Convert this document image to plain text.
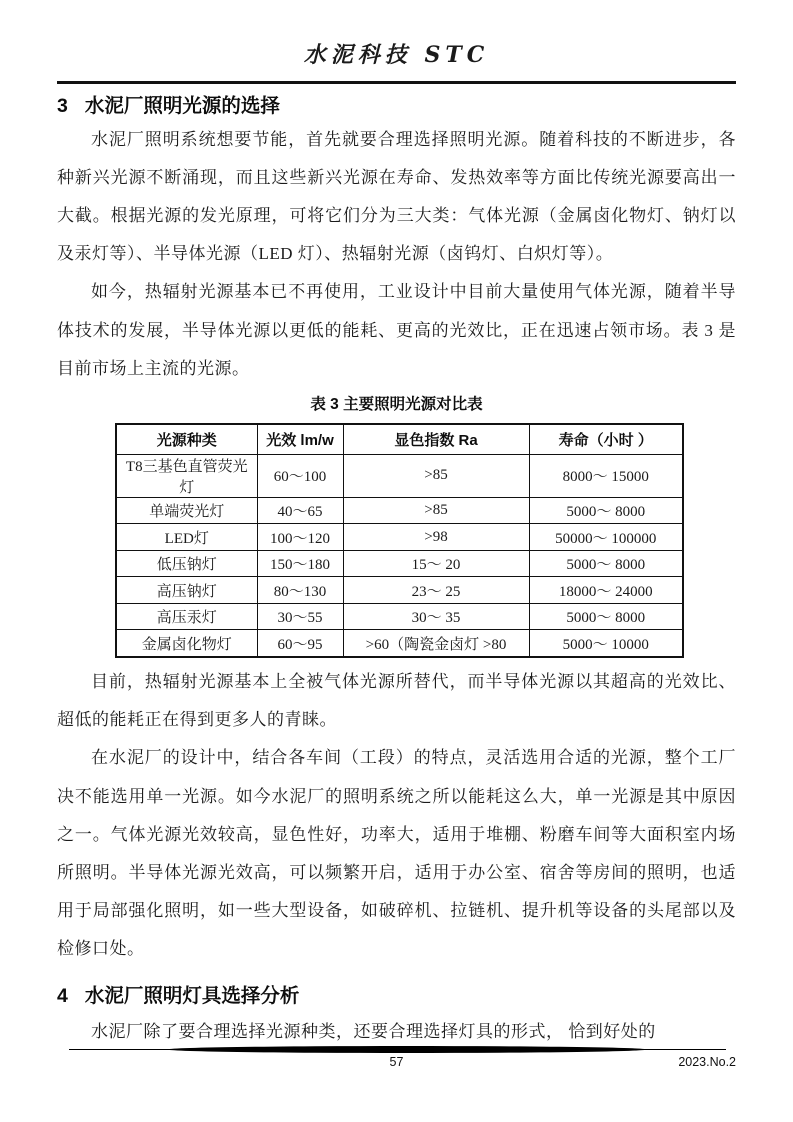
水泥科技 STC
3 水泥厂照明光源的选择

水泥厂照明系统想要节能，首先就要合理选择照明光源。随着科技的不断进步，各种新兴光源不断涌现，而且这些新兴光源在寿命、发热效率等方面比传统光源要高出一大截。根据光源的发光原理，可将它们分为三大类：气体光源（金属卤化物灯、钠灯以及汞灯等）、半导体光源（LED 灯）、热辐射光源（卤钨灯、白炽灯等）。

如今，热辐射光源基本已不再使用，工业设计中目前大量使用气体光源，随着半导体技术的发展，半导体光源以更低的能耗、更高的光效比，正在迅速占领市场。表 3 是目前市场上主流的光源。

表 3 主要照明光源对比表
光源种类	光效 lm/w	显色指数 Ra	寿命（小时 ）
T8三基色直管荧光灯	60～100	>85	8000～ 15000
单端荧光灯	40～65	>85	5000～ 8000
LED灯	100～120	>98	50000～ 100000
低压钠灯	150～180	15～ 20	5000～ 8000
高压钠灯	80～130	23～ 25	18000～ 24000
高压汞灯	30～55	30～ 35	5000～ 8000
金属卤化物灯	60～95	>60（陶瓷金卤灯 >80	5000～ 10000

目前，热辐射光源基本上全被气体光源所替代，而半导体光源以其超高的光效比、超低的能耗正在得到更多人的青睐。

在水泥厂的设计中，结合各车间（工段）的特点，灵活选用合适的光源，整个工厂决不能选用单一光源。如今水泥厂的照明系统之所以能耗这么大，单一光源是其中原因之一。气体光源光效较高，显色性好，功率大，适用于堆棚、粉磨车间等大面积室内场所照明。半导体光源光效高，可以频繁开启，适用于办公室、宿舍等房间的照明，也适用于局部强化照明，如一些大型设备，如破碎机、拉链机、提升机等设备的头尾部以及检修口处。

4 水泥厂照明灯具选择分析

水泥厂除了要合理选择光源种类，还要合理选择灯具的形式， 恰到好处的

57	2023.No.2
